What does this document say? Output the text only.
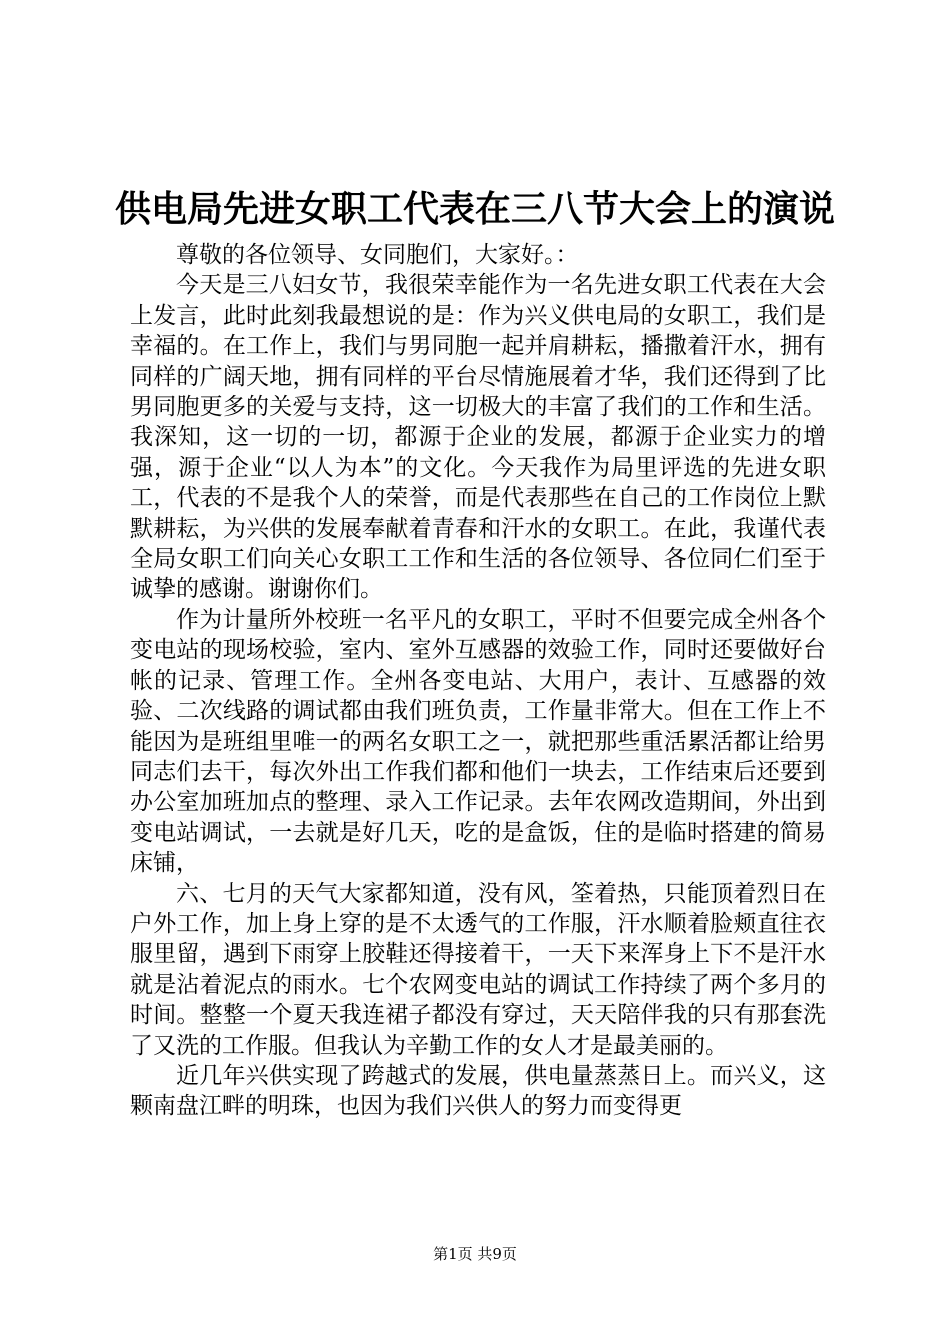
供电局先进女职工代表在三八节大会上的演说

尊敬的各位领导、女同胞们，大家好。：

今天是三八妇女节，我很荣幸能作为一名先进女职工代表在大会上发言，此时此刻我最想说的是：作为兴义供电局的女职工，我们是幸福的。在工作上，我们与男同胞一起并肩耕耘，播撒着汗水，拥有同样的广阔天地，拥有同样的平台尽情施展着才华，我们还得到了比男同胞更多的关爱与支持，这一切极大的丰富了我们的工作和生活。我深知，这一切的一切，都源于企业的发展，都源于企业实力的增强，源于企业“以人为本”的文化。今天我作为局里评选的先进女职工，代表的不是我个人的荣誉，而是代表那些在自己的工作岗位上默默耕耘，为兴供的发展奉献着青春和汗水的女职工。在此，我谨代表全局女职工们向关心女职工工作和生活的各位领导、各位同仁们至于诚挚的感谢。谢谢你们。

作为计量所外校班一名平凡的女职工，平时不但要完成全州各个变电站的现场校验，室内、室外互感器的效验工作，同时还要做好台帐的记录、管理工作。全州各变电站、大用户，表计、互感器的效验、二次线路的调试都由我们班负责，工作量非常大。但在工作上不能因为是班组里唯一的两名女职工之一，就把那些重活累活都让给男同志们去干，每次外出工作我们都和他们一块去，工作结束后还要到办公室加班加点的整理、录入工作记录。去年农网改造期间，外出到变电站调试，一去就是好几天，吃的是盒饭，住的是临时搭建的简易床铺，

六、七月的天气大家都知道，没有风，筌着热，只能顶着烈日在户外工作，加上身上穿的是不太透气的工作服，汗水顺着脸颊直往衣服里留，遇到下雨穿上胶鞋还得接着干，一天下来浑身上下不是汗水就是沾着泥点的雨水。七个农网变电站的调试工作持续了两个多月的时间。整整一个夏天我连裙子都没有穿过，天天陪伴我的只有那套洗了又洗的工作服。但我认为辛勤工作的女人才是最美丽的。

近几年兴供实现了跨越式的发展，供电量蒸蒸日上。而兴义，这颗南盘江畔的明珠，也因为我们兴供人的努力而变得更

第1页 共9页
